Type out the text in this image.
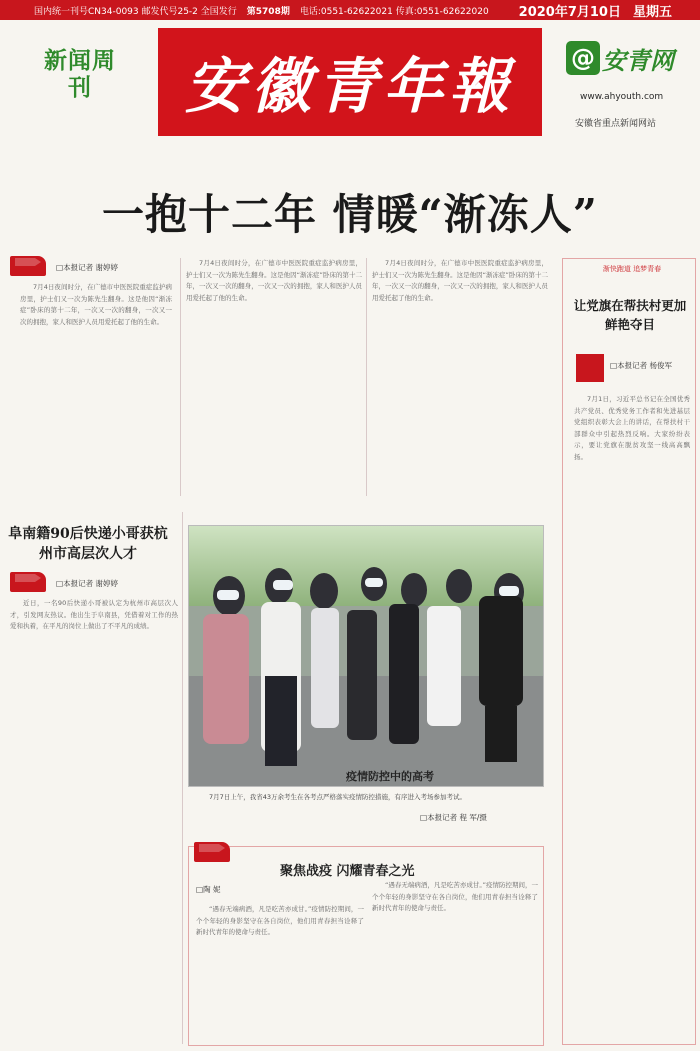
国内统一刊号CN34-0093 邮发代号25-2 全国发行 第5708期 电话:0551-62622021 传真:0551-62622020 2020年7月10日 星期五
新闻周刊	安徽青年報 @ 安青网
www.ahyouth.com
安徽省重点新闻网站
一抱十二年 情暖“渐冻人”
□本报记者 谢婷婷

7月4日夜间时分，在广德市中医医院重症监护病房里，护士们又一次为陈先生翻身。这是他因“渐冻症”卧床的第十二年，一次又一次的翻身，一次又一次的拥抱，家人和医护人员用爱托起了他的生命。

7月4日夜间时分，在广德市中医医院重症监护病房里，护士们又一次为陈先生翻身。这是他因“渐冻症”卧床的第十二年，一次又一次的翻身，一次又一次的拥抱，家人和医护人员用爱托起了他的生命。

7月4日夜间时分，在广德市中医医院重症监护病房里，护士们又一次为陈先生翻身。这是他因“渐冻症”卧床的第十二年，一次又一次的翻身，一次又一次的拥抱，家人和医护人员用爱托起了他的生命。

阜南籍90后快递小哥获杭州市高层次人才
□本报记者 谢婷婷

近日，一名90后快递小哥被认定为杭州市高层次人才，引发网友热议。他出生于阜南县，凭借着对工作的热爱和执着，在平凡的岗位上做出了不平凡的成绩。

疫情防控中的高考

7月7日上午，我省43万余考生在各考点严格落实疫情防控措施，有序进入考场参加考试。

□本报记者 程 军/摄
聚焦战疫 闪耀青春之光
□陶 妮

“遇春无端病酒，凡是吃苦亦成甘。”疫情防控期间，一个个年轻的身影坚守在各自岗位，他们用青春担当诠释了新时代青年的使命与责任。

“遇春无端病酒，凡是吃苦亦成甘。”疫情防控期间，一个个年轻的身影坚守在各自岗位，他们用青春担当诠释了新时代青年的使命与责任。

渐快跑道 追梦青春
让党旗在帮扶村更加鲜艳夺目
□本报记者 杨俊军

7月1日，习近平总书记在全国优秀共产党员、优秀党务工作者和先进基层党组织表彰大会上的讲话，在帮扶村干部群众中引起热烈反响。大家纷纷表示，要让党旗在脱贫攻坚一线高高飘扬。
